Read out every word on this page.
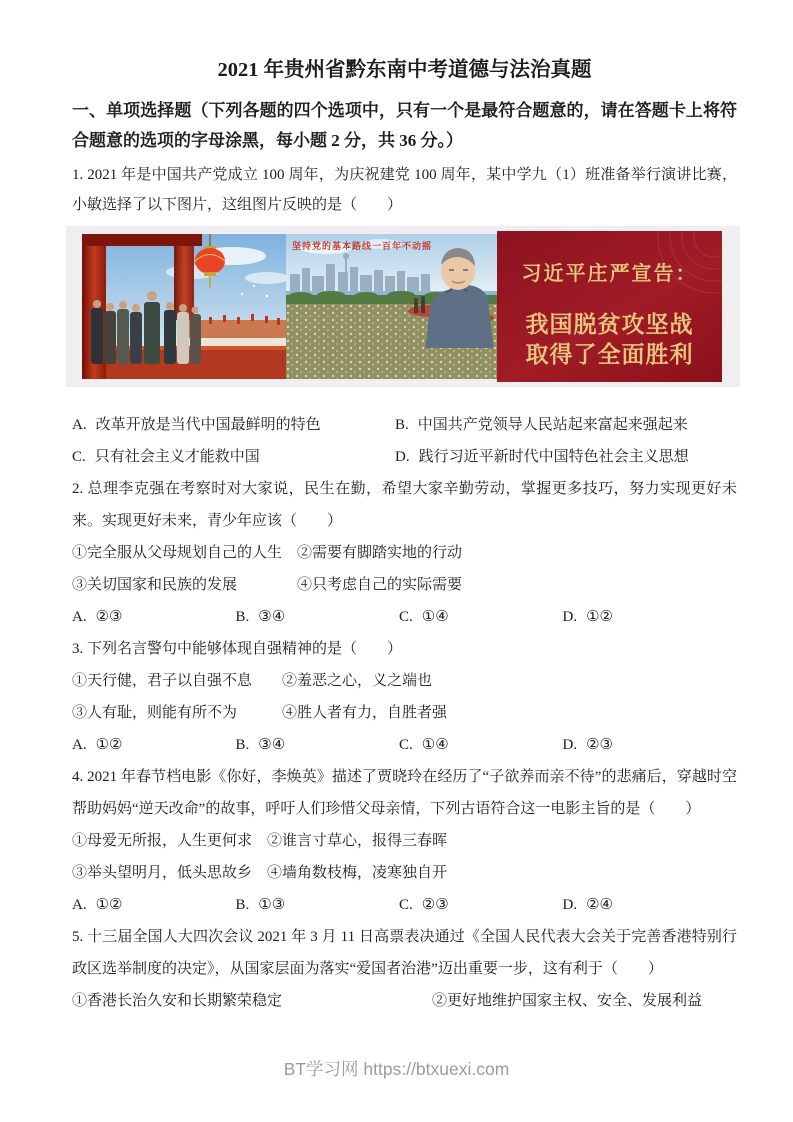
2021 年贵州省黔东南中考道德与法治真题
一、单项选择题（下列各题的四个选项中，只有一个是最符合题意的，请在答题卡上将符合题意的选项的字母涂黑，每小题 2 分，共 36 分。）

1. 2021 年是中国共产党成立 100 周年，为庆祝建党 100 周年，某中学九（1）班准备举行演讲比赛，小敏选择了以下图片，这组图片反映的是（　　）

坚持党的基本路线一百年不动摇
习近平庄严宣告：
我国脱贫攻坚战
取得了全面胜利
A. 改革开放是当代中国最鲜明的特色	B. 中国共产党领导人民站起来富起来强起来
C. 只有社会主义才能救中国	D. 践行习近平新时代中国特色社会主义思想

2. 总理李克强在考察时对大家说，民生在勤，希望大家辛勤劳动，掌握更多技巧，努力实现更好未来。实现更好未来，青少年应该（　　）

①完全服从父母规划自己的人生　②需要有脚踏实地的行动

③关切国家和民族的发展　　　　④只考虑自己的实际需要

A. ②③	B. ③④	C. ①④	D. ①②

3. 下列名言警句中能够体现自强精神的是（　　）

①天行健，君子以自强不息　　②羞恶之心，义之端也

③人有耻，则能有所不为　　　④胜人者有力，自胜者强

A. ①②	B. ③④	C. ①④	D. ②③

4. 2021 年春节档电影《你好，李焕英》描述了贾晓玲在经历了“子欲养而亲不待”的悲痛后，穿越时空帮助妈妈“逆天改命”的故事，呼吁人们珍惜父母亲情，下列古语符合这一电影主旨的是（　　）

①母爱无所报，人生更何求　②谁言寸草心，报得三春晖

③举头望明月，低头思故乡　④墙角数枝梅，凌寒独自开

A. ①②	B. ①③	C. ②③	D. ②④

5. 十三届全国人大四次会议 2021 年 3 月 11 日高票表决通过《全国人民代表大会关于完善香港特别行政区选举制度的决定》，从国家层面为落实“爱国者治港”迈出重要一步，这有利于（　　）

①香港长治久安和长期繁荣稳定　　　　　　　　　　②更好地维护国家主权、安全、发展利益

BT学习网 https://btxuexi.com
